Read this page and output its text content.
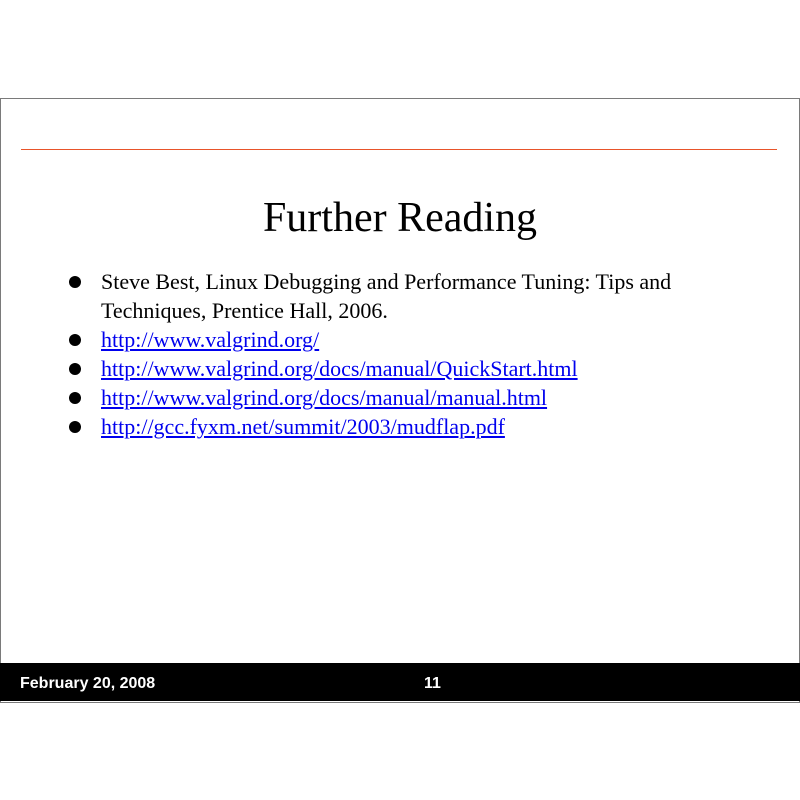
Further Reading
Steve Best, Linux Debugging and Performance Tuning: Tips and Techniques, Prentice Hall, 2006.
http://www.valgrind.org/
http://www.valgrind.org/docs/manual/QuickStart.html
http://www.valgrind.org/docs/manual/manual.html
http://gcc.fyxm.net/summit/2003/mudflap.pdf
February 20, 2008	11
